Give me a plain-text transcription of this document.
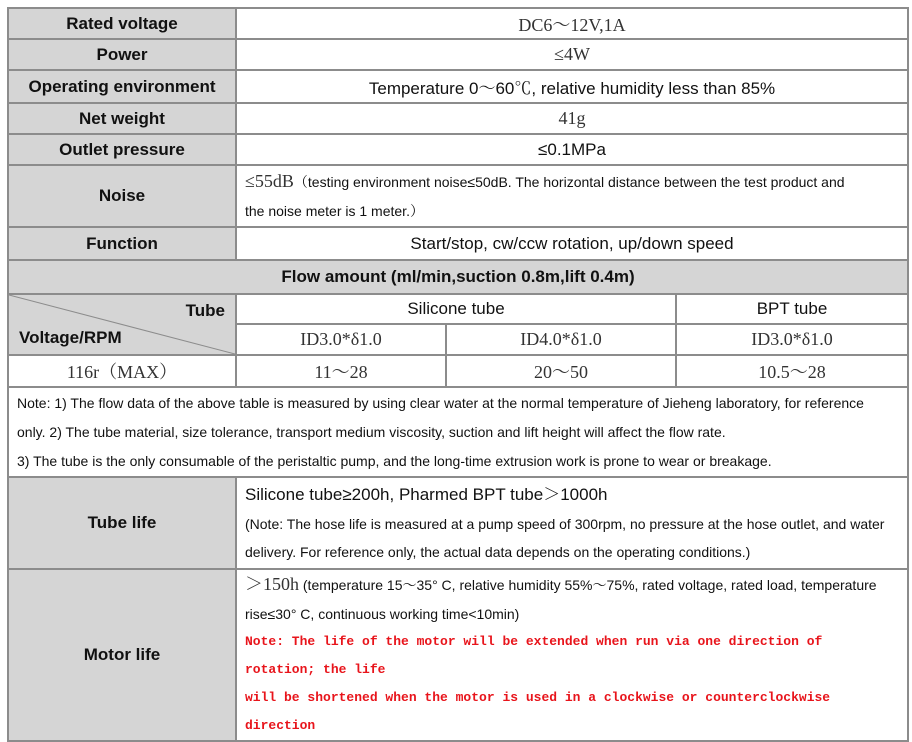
Rated voltage	DC6～12V,1A		
Power	≤4W		
Operating environment	Temperature 0～60℃, relative humidity less than 85%		
Net weight	41g		
Outlet pressure	≤0.1MPa		
Noise	≤55dB（testing environment noise≤50dB. The horizontal distance between the test product and
the noise meter is 1 meter.）		

Function	Start/stop, cw/ccw rotation, up/down speed		
Flow amount (ml/min,suction 0.8m,lift 0.4m)			

Tube
Voltage/RPM	Silicone tube		BPT tube
	ID3.0*δ1.0	ID4.0*δ1.0	ID3.0*δ1.0
116r（MAX）	11～28	20～50	10.5～28

Note: 1) The flow data of the above table is measured by using clear water at the normal temperature of Jieheng laboratory, for reference
only. 2) The tube material, size tolerance, transport medium viscosity, suction and lift height will affect the flow rate.
3) The tube is the only consumable of the peristaltic pump, and the long-time extrusion work is prone to wear or breakage.			

Tube life	Silicone tube≥200h, Pharmed BPT tube＞1000h
(Note: The hose life is measured at a pump speed of 300rpm, no pressure at the hose outlet, and water
delivery. For reference only, the actual data depends on the operating conditions.)		

Motor life	＞150h (temperature 15～35° C, relative humidity 55%～75%, rated voltage, rated load, temperature
rise≤30° C, continuous working time<10min)
Note: The life of the motor will be extended when run via one direction of rotation; the life
will be shortened when the motor is used in a clockwise or counterclockwise direction		
